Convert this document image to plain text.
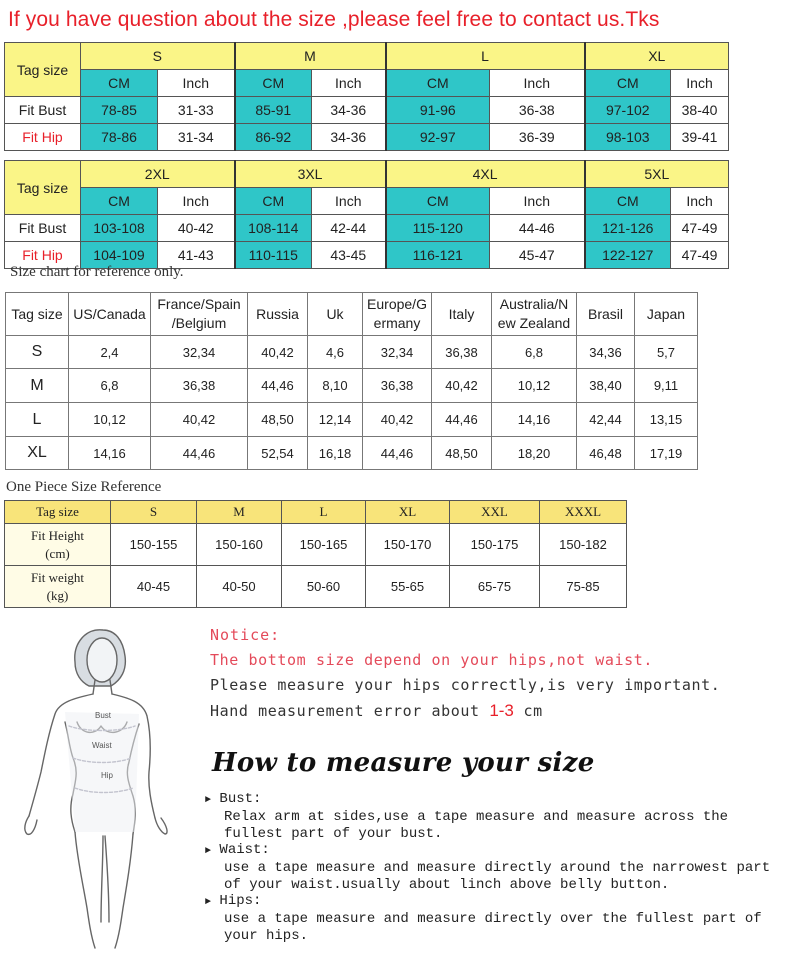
If you have question about the size ,please feel free to contact us.Tks
Tag size	S		M		L		XL	
	CM	Inch	CM	Inch	CM	Inch	CM	Inch
Fit Bust	78-85	31-33	85-91	34-36	91-96	36-38	97-102	38-40
Fit Hip	78-86	31-34	86-92	34-36	92-97	36-39	98-103	39-41
Tag size	2XL		3XL		4XL		5XL	
	CM	Inch	CM	Inch	CM	Inch	CM	Inch
Fit Bust	103-108	40-42	108-114	42-44	115-120	44-46	121-126	47-49
Fit Hip	104-109	41-43	110-115	43-45	116-121	45-47	122-127	47-49
Size chart for reference only.
Tag size	US/Canada	France/Spain /Belgium	Russia	Uk	Europe/G ermany	Italy	Australia/N ew Zealand	Brasil	Japan
S	2,4	32,34	40,42	4,6	32,34	36,38	6,8	34,36	5,7
M	6,8	36,38	44,46	8,10	36,38	40,42	10,12	38,40	9,11
L	10,12	40,42	48,50	12,14	40,42	44,46	14,16	42,44	13,15
XL	14,16	44,46	52,54	16,18	44,46	48,50	18,20	46,48	17,19
One Piece Size Reference
Tag size	S	M	L	XL	XXL	XXXL
Fit Height
(cm)	150-155	150-160	150-165	150-170	150-175	150-182
Fit weight
(kg)	40-45	40-50	50-60	55-65	65-75	75-85
Bust
Waist
Hip
Notice:
The bottom size depend on your hips,not waist.
Please measure your hips correctly,is very important.
Hand measurement error about 1-3 cm
How to measure your size
► Bust:
Relax arm at sides,use a tape measure and measure across the
fullest part of your bust.
► Waist:
use a tape measure and measure directly around the narrowest part
of your waist.usually about linch above belly button.
► Hips:
use a tape measure and measure directly over the fullest part of
your hips.
